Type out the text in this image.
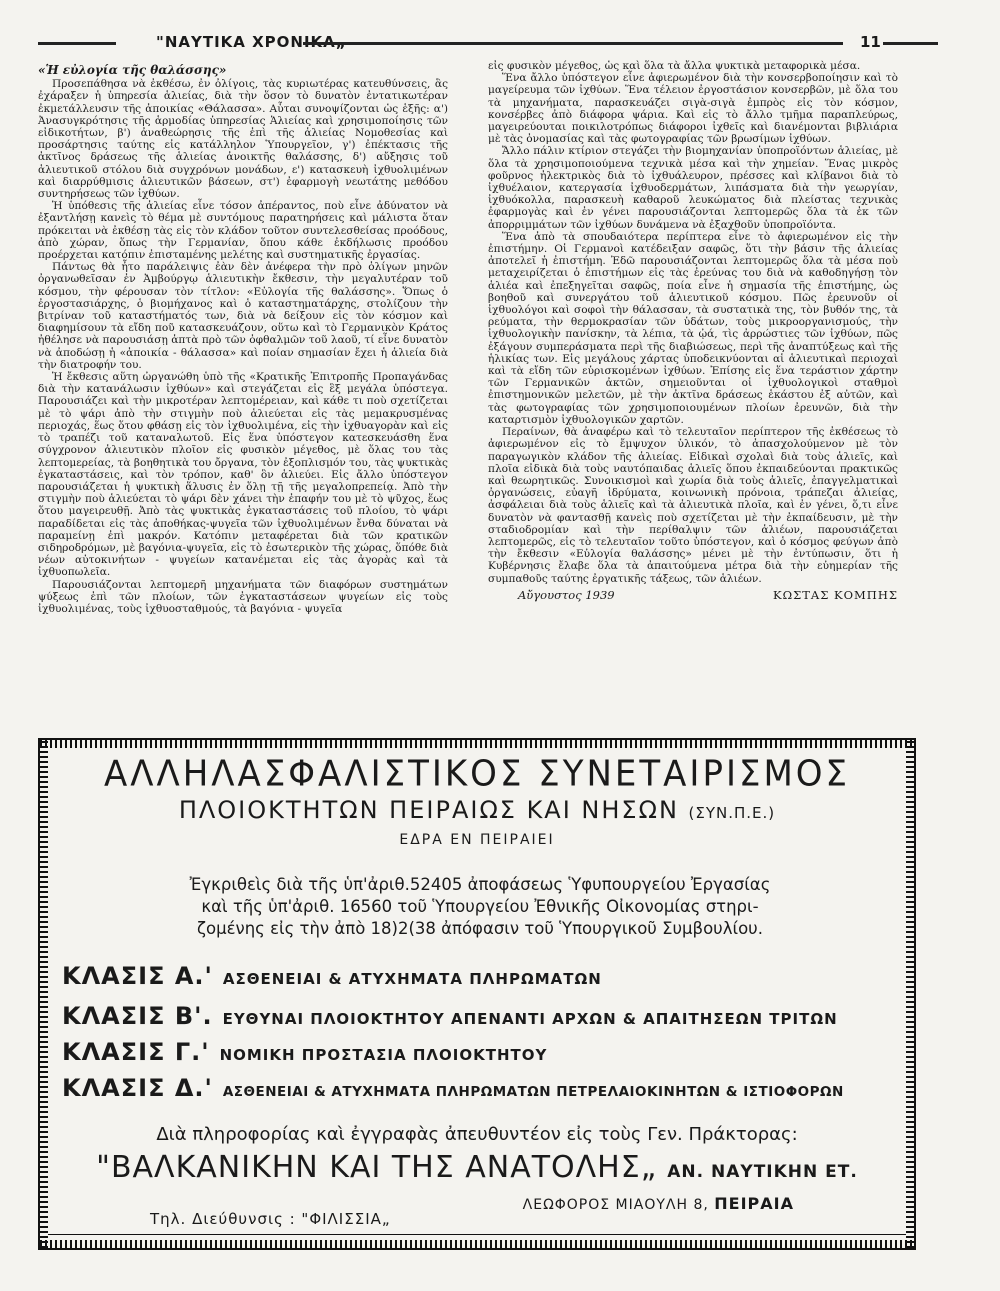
"ΝΑΥΤΙΚΑ ΧΡΟΝΙΚΑ„	11
«Ἡ εὐλογία τῆς θαλάσσης»

Προσεπάθησα νὰ ἐκθέσω, ἐν ὀλίγοις, τὰς κυριωτέρας κατευθύνσεις, ἃς ἐχάραξεν ἡ ὑπηρεσία ἁλιείας, διὰ τὴν ὅσον τὸ δυνατὸν ἐντατικωτέραν ἐκμετάλλευσιν τῆς ἀποικίας «Θάλασσα». Αὗται συνοψίζονται ὡς ἑξῆς: α') Ἀνασυγκρότησις τῆς ἁρμοδίας ὑπηρεσίας Ἁλιείας καὶ χρησιμοποίησις τῶν εἰδικοτήτων, β') ἀναθεώρησις τῆς ἐπὶ τῆς ἁλιείας Νομοθεσίας καὶ προσάρτησις ταύτης εἰς κατάλληλον Ὑπουργεῖον, γ') ἐπέκτασις τῆς ἀκτῖνος δράσεως τῆς ἁλιείας ἀνοικτῆς θαλάσσης, δ') αὔξησις τοῦ ἁλιευτικοῦ στόλου διὰ συγχρόνων μονάδων, ε') κατασκευὴ ἰχθυολιμένων καὶ διαρρύθμισις ἁλιευτικῶν βάσεων, στ') ἐφαρμογὴ νεωτάτης μεθόδου συντηρήσεως τῶν ἰχθύων.

Ἡ ὑπόθεσις τῆς ἁλιείας εἶνε τόσον ἀπέραντος, ποὺ εἶνε ἀδύνατον νὰ ἐξαντλήσῃ κανεὶς τὸ θέμα μὲ συντόμους παρατηρήσεις καὶ μάλιστα ὅταν πρόκειται νὰ ἐκθέσῃ τὰς εἰς τὸν κλάδον τοῦτον συντελεσθείσας προόδους, ἀπὸ χώραν, ὅπως τὴν Γερμανίαν, ὅπου κάθε ἐκδήλωσις προόδου προέρχεται κατόπιν ἐπισταμένης μελέτης καὶ συστηματικῆς ἐργασίας.

Πάντως θὰ ἦτο παράλειψις ἐὰν δὲν ἀνέφερα τὴν πρὸ ὀλίγων μηνῶν ὀργανωθεῖσαν ἐν Ἀμβούργῳ ἁλιευτικὴν ἔκθεσιν, τὴν μεγαλυτέραν τοῦ κόσμου, τὴν φέρουσαν τὸν τίτλον: «Εὐλογία τῆς θαλάσσης». Ὅπως ὁ ἐργοστασιάρχης, ὁ βιομήχανος καὶ ὁ καταστηματάρχης, στολίζουν τὴν βιτρίναν τοῦ καταστήματός των, διὰ νὰ δείξουν εἰς τὸν κόσμον καὶ διαφημίσουν τὰ εἴδη ποῦ κατασκευάζουν, οὕτω καὶ τὸ Γερμανικὸν Κράτος ἠθέλησε νὰ παρουσιάσῃ ἁπτὰ πρὸ τῶν ὀφθαλμῶν τοῦ λαοῦ, τί εἶνε δυνατὸν νὰ ἀποδώσῃ ἡ «ἀποικία - θάλασσα» καὶ ποίαν σημασίαν ἔχει ἡ ἁλιεία διὰ τὴν διατροφήν του.

Ἡ ἔκθεσις αὕτη ὠργανώθη ὑπὸ τῆς «Κρατικῆς Ἐπιτροπῆς Προπαγάνδας διὰ τὴν κατανάλωσιν ἰχθύων» καὶ στεγάζεται εἰς ἓξ μεγάλα ὑπόστεγα. Παρουσιάζει καὶ τὴν μικροτέραν λεπτομέρειαν, καὶ κάθε τι ποὺ σχετίζεται μὲ τὸ ψάρι ἀπὸ τὴν στιγμὴν ποὺ ἁλιεύεται εἰς τὰς μεμακρυσμένας περιοχάς, ἕως ὅτου φθάσῃ εἰς τὸν ἰχθυολιμένα, εἰς τὴν ἰχθυαγορὰν καὶ εἰς τὸ τραπέζι τοῦ καταναλωτοῦ. Εἰς ἕνα ὑπόστεγον κατεσκευάσθη ἕνα σύγχρονον ἁλιευτικὸν πλοῖον εἰς φυσικὸν μέγεθος, μὲ ὅλας του τὰς λεπτομερείας, τὰ βοηθητικὰ του ὄργανα, τὸν ἐξοπλισμόν του, τὰς ψυκτικὰς ἐγκαταστάσεις, καὶ τὸν τρόπον, καθ' ὃν ἁλιεύει. Εἰς ἄλλο ὑπόστεγον παρουσιάζεται ἡ ψυκτικὴ ἅλυσις ἐν ὅλῃ τῇ τῆς μεγαλοπρεπείᾳ. Ἀπὸ τὴν στιγμὴν ποὺ ἁλιεύεται τὸ ψάρι δὲν χάνει τὴν ἐπαφήν του μὲ τὸ ψῦχος, ἕως ὅτου μαγειρευθῇ. Ἀπὸ τὰς ψυκτικὰς ἐγκαταστάσεις τοῦ πλοίου, τὸ ψάρι παραδίδεται εἰς τὰς ἀποθήκας-ψυγεῖα τῶν ἰχθυολιμένων ἔνθα δύναται νὰ παραμείνῃ ἐπὶ μακρόν. Κατόπιν μεταφέρεται διὰ τῶν κρατικῶν σιδηροδρόμων, μὲ βαγόνια-ψυγεῖα, εἰς τὸ ἐσωτερικὸν τῆς χώρας, ὅπόθε διὰ νέων αὐτοκινήτων - ψυγείων κατανέμεται εἰς τὰς ἀγορὰς καὶ τὰ ἰχθυοπωλεῖα.

Παρουσιάζονται λεπτομερῆ μηχανήματα τῶν διαφόρων συστημάτων ψύξεως ἐπὶ τῶν πλοίων, τῶν ἐγκαταστάσεων ψυγείων εἰς τοὺς ἰχθυολιμένας, τοὺς ἰχθυοσταθμούς, τὰ βαγόνια - ψυγεῖα

εἰς φυσικὸν μέγεθος, ὡς καὶ ὅλα τὰ ἄλλα ψυκτικὰ μεταφορικὰ μέσα.

Ἕνα ἄλλο ὑπόστεγον εἶνε ἀφιερωμένον διὰ τὴν κονσερβοποίησιν καὶ τὸ μαγείρευμα τῶν ἰχθύων. Ἕνα τέλειον ἐργοστάσιον κονσερβῶν, μὲ ὅλα του τὰ μηχανήματα, παρασκευάζει σιγὰ-σιγὰ ἐμπρὸς εἰς τὸν κόσμον, κονσέρβες ἀπὸ διάφορα ψάρια. Καὶ εἰς τὸ ἄλλο τμῆμα παραπλεύρως, μαγειρεύουται ποικιλοτρόπως διάφοροι ἰχθεῖς καὶ διανέμονται βιβλιάρια μὲ τὰς ὀνομασίας καὶ τὰς φωτογραφίας τῶν βρωσίμων ἰχθύων.

Ἄλλο πάλιν κτίριον στεγάζει τὴν βιομηχανίαν ὑποπροϊόντων ἁλιείας, μὲ ὅλα τὰ χρησιμοποιούμενα τεχνικὰ μέσα καὶ τὴν χημείαν. Ἕνας μικρὸς φοῦρνος ἠλεκτρικὸς διὰ τὸ ἰχθυάλευρον, πρέσσες καὶ κλίβανοι διὰ τὸ ἰχθυέλαιον, κατεργασία ἰχθυοδερμάτων, λιπάσματα διὰ τὴν γεωργίαν, ἰχθυόκολλα, παρασκευὴ καθαροῦ λευκώματος διὰ πλείστας τεχνικὰς ἐφαρμογὰς καὶ ἐν γένει παρουσιάζονται λεπτομερῶς ὅλα τὰ ἐκ τῶν ἀπορριμμάτων τῶν ἰχθύων δυνάμενα νὰ ἐξαχθοῦν ὑποπροϊόντα.

Ἕνα ἀπὸ τὰ σπουδαιότερα περίπτερα εἶνε τὸ ἀφιερωμένον εἰς τὴν ἐπιστήμην. Οἱ Γερμανοὶ κατέδειξαν σαφῶς, ὅτι τὴν βάσιν τῆς ἁλιείας ἀποτελεῖ ἡ ἐπιστήμη. Ἐδῶ παρουσιάζονται λεπτομερῶς ὅλα τὰ μέσα ποὺ μεταχειρίζεται ὁ ἐπιστήμων εἰς τὰς ἐρεύνας του διὰ νὰ καθοδηγήσῃ τὸν ἁλιέα καὶ ἐπεξηγεῖται σαφῶς, ποία εἶνε ἡ σημασία τῆς ἐπιστήμης, ὡς βοηθοῦ καὶ συνεργάτου τοῦ ἁλιευτικοῦ κόσμου. Πῶς ἐρευνοῦν οἱ ἰχθυολόγοι καὶ σοφοὶ τὴν θάλασσαν, τὰ συστατικὰ της, τὸν βυθόν της, τὰ ρεύματα, τὴν θερμοκρασίαν τῶν ὑδάτων, τοὺς μικροοργανισμούς, τὴν ἰχθυολογικὴν πανίσκην, τὰ λέπια, τὰ ᾠά, τὶς ἀρρώστιες τῶν ἰχθύων, πῶς ἐξάγουν συμπεράσματα περὶ τῆς διαβιώσεως, περὶ τῆς ἀναπτύξεως καὶ τῆς ἡλικίας των. Εἰς μεγάλους χάρτας ὑποδεικνύονται αἱ ἁλιευτικαὶ περιοχαὶ καὶ τὰ εἴδη τῶν εὑρισκομένων ἰχθύων. Ἐπίσης εἰς ἕνα τεράστιον χάρτην τῶν Γερμανικῶν ἀκτῶν, σημειοῦνται οἱ ἰχθυολογικοὶ σταθμοὶ ἐπιστημονικῶν μελετῶν, μὲ τὴν ἀκτῖνα δράσεως ἑκάστου ἐξ αὐτῶν, καὶ τὰς φωτογραφίας τῶν χρησιμοποιουμένων πλοίων ἐρευνῶν, διὰ τὴν καταρτισμὸν ἰχθυολογικῶν χαρτῶν.

Περαίνων, θὰ ἀναφέρω καὶ τὸ τελευταῖον περίπτερον τῆς ἐκθέσεως τὸ ἀφιερωμένον εἰς τὸ ἔμψυχον ὑλικόν, τὸ ἀπασχολούμενον μὲ τὸν παραγωγικὸν κλάδον τῆς ἁλιείας. Εἰδικαὶ σχολαὶ διὰ τοὺς ἁλιεῖς, καὶ πλοῖα εἰδικὰ διὰ τοὺς ναυτόπαιδας ἁλιεῖς ὅπου ἐκπαιδεύονται πρακτικῶς καὶ θεωρητικῶς. Συνοικισμοὶ καὶ χωρία διὰ τοὺς ἁλιεῖς, ἐπαγγελματικαὶ ὀργανώσεις, εὐαγῆ ἱδρύματα, κοινωνικὴ πρόνοια, τράπεζαι ἁλιείας, ἀσφάλειαι διὰ τοὺς ἁλιεῖς καὶ τὰ ἁλιευτικὰ πλοῖα, καὶ ἐν γένει, ὅ,τι εἶνε δυνατὸν νὰ φαντασθῇ κανεὶς ποὺ σχετίζεται μὲ τὴν ἐκπαίδευσιν, μὲ τὴν σταδιοδρομίαν καὶ τὴν περίθαλψιν τῶν ἁλιέων, παρουσιάζεται λεπτομερῶς, εἰς τὸ τελευταῖον τοῦτο ὑπόστεγον, καὶ ὁ κόσμος φεύγων ἀπὸ τὴν ἔκθεσιν «Εὐλογία θαλάσσης» μένει μὲ τὴν ἐντύπωσιν, ὅτι ἡ Κυβέρνησις ἔλαβε ὅλα τὰ ἀπαιτούμενα μέτρα διὰ τὴν εὐημερίαν τῆς συμπαθοῦς ταύτης ἐργατικῆς τάξεως, τῶν ἁλιέων.

Αὔγουστος 1939	ΚΩΣΤΑΣ ΚΟΜΠΗΣ
ΑΛΛΗΛΑΣΦΑΛΙΣΤΙΚΟΣ ΣΥΝΕΤΑΙΡΙΣΜΟΣ
ΠΛΟΙΟΚΤΗΤΩΝ ΠΕΙΡΑΙΩΣ ΚΑΙ ΝΗΣΩΝ (ΣΥΝ.Π.Ε.)
ΕΔΡΑ ΕΝ ΠΕΙΡΑΙΕΙ
Ἐγκριθεὶς διὰ τῆς ὑπ'ἀριθ.52405 ἀποφάσεως Ὑφυπουργείου Ἐργασίας
καὶ τῆς ὑπ'ἀριθ. 16560 τοῦ Ὑπουργείου Ἐθνικῆς Οἰκονομίας στηρι-
ζομένης εἰς τὴν ἀπὸ 18)2(38 ἀπόφασιν τοῦ Ὑπουργικοῦ Συμβουλίου.
ΚΛΑΣΙΣ Α.' ΑΣΘΕΝΕΙΑΙ & ΑΤΥΧΗΜΑΤΑ ΠΛΗΡΩΜΑΤΩΝ
ΚΛΑΣΙΣ Β'. ΕΥΘΥΝΑΙ ΠΛΟΙΟΚΤΗΤΟΥ ΑΠΕΝΑΝΤΙ ΑΡΧΩΝ & ΑΠΑΙΤΗΣΕΩΝ ΤΡΙΤΩΝ
ΚΛΑΣΙΣ Γ.' ΝΟΜΙΚΗ ΠΡΟΣΤΑΣΙΑ ΠΛΟΙΟΚΤΗΤΟΥ
ΚΛΑΣΙΣ Δ.' ΑΣΘΕΝΕΙΑΙ & ΑΤΥΧΗΜΑΤΑ ΠΛΗΡΩΜΑΤΩΝ ΠΕΤΡΕΛΑΙΟΚΙΝΗΤΩΝ & ΙΣΤΙΟΦΟΡΩΝ
Διὰ πληροφορίας καὶ ἐγγραφὰς ἀπευθυντέον εἰς τοὺς Γεν. Πράκτορας:
"ΒΑΛΚΑΝΙΚΗΝ ΚΑΙ ΤΗΣ ΑΝΑΤΟΛΗΣ„ ΑΝ. ΝΑΥΤΙΚΗΝ ΕΤ.
ΛΕΩΦΟΡΟΣ ΜΙΑΟΥΛΗ 8, ΠΕΙΡΑΙΑ
Τηλ. Διεύθυνσις : "ΦΙΛΙΣΣΙΑ„
